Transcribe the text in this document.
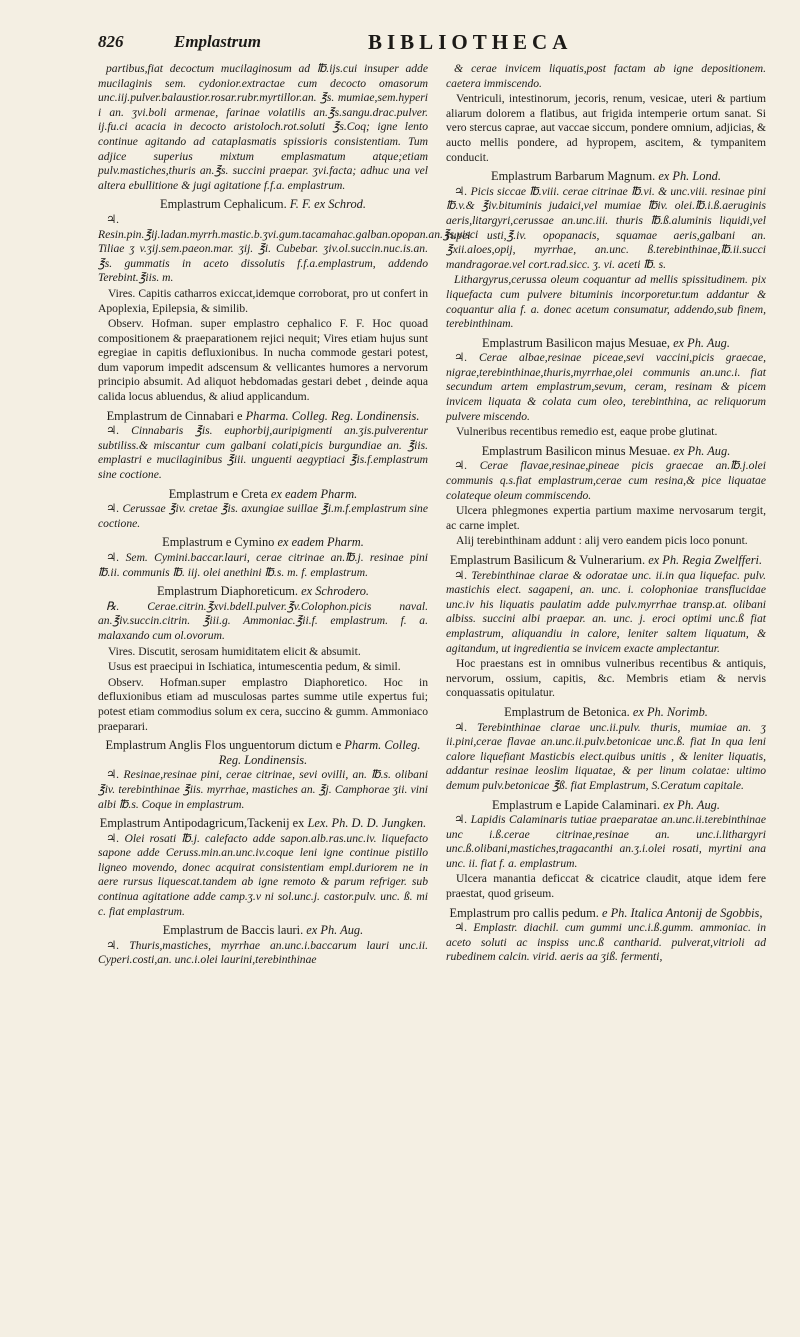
826	Emplastrum	BIBLIOTHECA

partibus,fiat decoctum mucilaginosum ad ℔.ijs.cui insuper adde mucilaginis sem. cydonior.extractae cum decocto omasorum unc.iij.pulver.balaustior.rosar.rubr.myrtillor.an. ℥s. mumiae,sem.hyperi i an. ʒvi.boli armenae, farinae volatilis an.℥s.sangu.drac.pulver. ij.fu.ci acacia in decocto aristoloch.rot.soluti ℥s.Coq; igne lento continue agitando ad cataplasmatis spissioris consistentiam. Tum adjice superius mixtum emplasmatum atque;etiam pulv.mastiches,thuris an.℥s. succini praepar. ʒvi.facta; adhuc una vel altera ebullitione & jugi agitatione f.f.a. emplastrum.

Emplastrum Cephalicum. F. F. ex Schrod.

♃. Resin.pin.℥ij.ladan.myrrh.mastic.b.ʒvi.gum.tacamahac.galban.opopan.an.℥s.visci Tiliae ʒ v.ʒij.sem.paeon.mar. ʒij. ℥i. Cubebar. ʒiv.ol.succin.nuc.is.an. ℥s. gummatis in aceto dissolutis f.f.a.emplastrum, addendo Terebint.℥iis. m.

Vires. Capitis catharros exiccat,idemque corroborat, pro ut confert in Apoplexia, Epilepsia, & similib.

Observ. Hofman. super emplastro cephalico F. F. Hoc quoad compositionem & praeparationem rejici nequit; Vires etiam hujus sunt egregiae in capitis defluxionibus. In nucha commode gestari potest, dum vaporum impedit adscensum & vellicantes humores a nervorum principio absumit. Ad aliquot hebdomadas gestari debet , deinde aqua calida locus abluendus, & aliud applicandum.

Emplastrum de Cinnabari e Pharma. Colleg. Reg. Londinensis.

♃. Cinnabaris ℥is. euphorbij,auripigmenti an.ʒis.pulverentur subtiliss.& miscantur cum galbani colati,picis burgundiae an. ℥iis. emplastri e mucilaginibus ℥iii. unguenti aegyptiaci ℥is.f.emplastrum sine coctione.

Emplastrum e Creta ex eadem Pharm.

♃. Cerussae ℥iv. cretae ℥is. axungiae suillae ℥i.m.f.emplastrum sine coctione.

Emplastrum e Cymino ex eadem Pharm.

♃. Sem. Cymini.baccar.lauri, cerae citrinae an.℔.j. resinae pini ℔.ii. communis ℔. iij. olei anethini ℔.s. m. f. emplastrum.

Emplastrum Diaphoreticum. ex Schrodero.

℞. Cerae.citrin.℥xvi.bdell.pulver.℥v.Colophon.picis naval. an.℥iv.succin.citrin. ℥iii.g. Ammoniac.℥ii.f. emplastrum. f. a. malaxando cum ol.ovorum.

Vires. Discutit, serosam humiditatem elicit & absumit.

Usus est praecipui in Ischiatica, intumescentia pedum, & simil.

Observ. Hofman.super emplastro Diaphoretico. Hoc in defluxionibus etiam ad musculosas partes summe utile expertus fui; potest etiam commodius solum ex cera, succino & gumm. Ammoniaco praeparari.

Emplastrum Anglis Flos unguentorum dictum e Pharm. Colleg. Reg. Londinensis.

♃. Resinae,resinae pini, cerae citrinae, sevi ovilli, an. ℔.s. olibani ℥iv. terebinthinae ℥iis. myrrhae, mastiches an. ℥j. Camphorae ʒii. vini albi ℔.s. Coque in emplastrum.

Emplastrum Antipodagricum,Tackenij ex Lex. Ph. D. D. Jungken.

♃. Olei rosati ℔.j. calefacto adde sapon.alb.ras.unc.iv. liquefacto sapone adde Ceruss.min.an.unc.iv.coque leni igne continue pistillo ligneo movendo, donec acquirat consistentiam empl.duriorem ne in aere rursus liquescat.tandem ab igne remoto & parum refriger. sub continua agitatione adde camp.ʒ.v ni sol.unc.j. castor.pulv. unc. ß. mi c. fiat emplastrum.

Emplastrum de Baccis lauri. ex Ph. Aug.

♃. Thuris,mastiches, myrrhae an.unc.i.baccarum lauri unc.ii. Cyperi.costi,an. unc.i.olei laurini,terebinthinae

& cerae invicem liquatis,post factam ab igne depositionem. caetera immiscendo.

Ventriculi, intestinorum, jecoris, renum, vesicae, uteri & partium aliarum dolorem a flatibus, aut frigida intemperie ortum sanat. Si vero stercus caprae, aut vaccae siccum, pondere omnium, adjicias, & aucto mellis pondere, ad hypropem, ascitem, & tympanitem conducit.

Emplastrum Barbarum Magnum. ex Ph. Lond.

♃. Picis siccae ℔.viii. cerae citrinae ℔.vi. & unc.viii. resinae pini ℔.v.& ℥iv.bituminis judaici,vel mumiae ℔iv. olei.℔.i.ß.aeruginis aeris,litargyri,cerussae an.unc.iii. thuris ℔.ß.aluminis liquidi,vel rupei usti,℥.iv. opopanacis, squamae aeris,galbani an. ℥xii.aloes,opij, myrrhae, an.unc. ß.terebinthinae,℔.ii.succi mandragorae.vel cort.rad.sicc. ʒ. vi. aceti ℔. s.

Lithargyrus,cerussa oleum coquantur ad mellis spissitudinem. pix liquefacta cum pulvere bituminis incorporetur.tum addantur & coquantur alia f. a. donec acetum consumatur, addendo,sub finem, terebinthinam.

Emplastrum Basilicon majus Mesuae, ex Ph. Aug.

♃. Cerae albae,resinae piceae,sevi vaccini,picis graecae, nigrae,terebinthinae,thuris,myrrhae,olei communis an.unc.i. fiat secundum artem emplastrum,sevum, ceram, resinam & picem invicem liquata & colata cum oleo, terebinthina, ac reliquorum pulvere miscendo.

Vulneribus recentibus remedio est, eaque probe glutinat.

Emplastrum Basilicon minus Mesuae. ex Ph. Aug.

♃. Cerae flavae,resinae,pineae picis graecae an.℔.j.olei communis q.s.fiat emplastrum,cerae cum resina,& pice liquatae colateque oleum commiscendo.

Ulcera phlegmones expertia partium maxime nervosarum tergit, ac carne implet.

Alij terebinthinam addunt : alij vero eandem picis loco ponunt.

Emplastrum Basilicum & Vulnerarium. ex Ph. Regia Zwelfferi.

♃. Terebinthinae clarae & odoratae unc. ii.in qua liquefac. pulv. mastichis elect. sagapeni, an. unc. i. colophoniae transflucidae unc.iv his liquatis paulatim adde pulv.myrrhae transp.at. olibani albiss. succini albi praepar. an. unc. j. eroci optimi unc.ß fiat emplastrum, aliquandiu in calore, leniter saltem liquatum, & agitandum, ut ingredientia se invicem exacte amplectantur.

Hoc praestans est in omnibus vulneribus recentibus & antiquis, nervorum, ossium, capitis, &c. Membris etiam & nervis conquassatis opitulatur.

Emplastrum de Betonica. ex Ph. Norimb.

♃. Terebinthinae clarae unc.ii.pulv. thuris, mumiae an. ʒ ii.pini,cerae flavae an.unc.ii.pulv.betonicae unc.ß. fiat In qua leni calore liquefiant Masticbis elect.quibus unitis , & leniter liquatis, addantur resinae leoslim liquatae, & per linum colatae: ultimo demum pulv.betonicae ℥ß. fiat Emplastrum, S.Ceratum capitale.

Emplastrum e Lapide Calaminari. ex Ph. Aug.

♃. Lapidis Calaminaris tutiae praeparatae an.unc.ii.terebinthinae unc i.ß.cerae citrinae,resinae an. unc.i.lithargyri unc.ß.olibani,mastiches,tragacanthi an.ʒ.i.olei rosati, myrtini ana unc. ii. fiat f. a. emplastrum.

Ulcera manantia deficcat & cicatrice claudit, atque idem fere praestat, quod griseum.

Emplastrum pro callis pedum. e Ph. Italica Antonij de Sgobbis,

♃. Emplastr. diachil. cum gummi unc.i.ß.gumm. ammoniac. in aceto soluti ac inspiss unc.ß cantharid. pulverat,vitrioli ad rubedinem calcin. virid. aeris aa ʒiß. fermenti,
